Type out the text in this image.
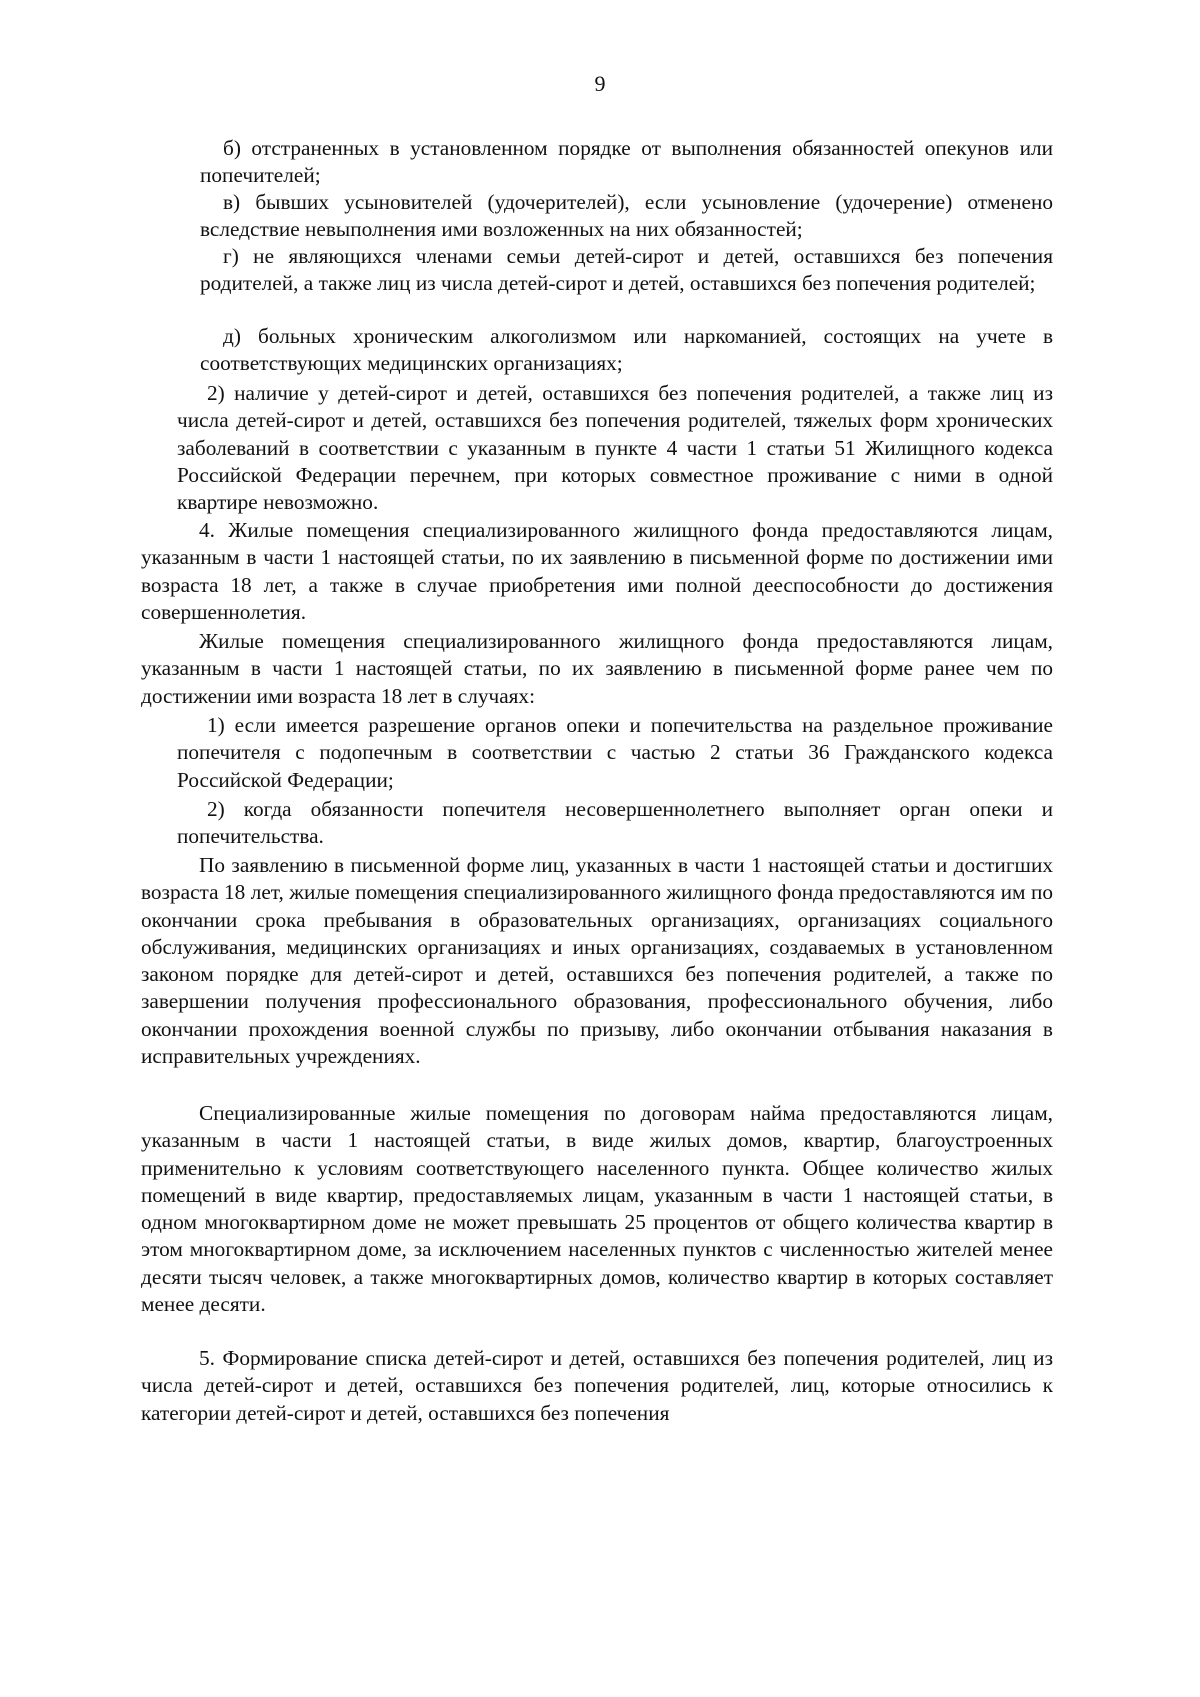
9

б) отстраненных в установленном порядке от выполнения обязанностей опекунов или попечителей;

в) бывших усыновителей (удочерителей), если усыновление (удочерение) отменено вследствие невыполнения ими возложенных на них обязанностей;

г) не являющихся членами семьи детей-сирот и детей, оставшихся без попечения родителей, а также лиц из числа детей-сирот и детей, оставшихся без попечения родителей;

д) больных хроническим алкоголизмом или наркоманией, состоящих на учете в соответствующих медицинских организациях;

2) наличие у детей-сирот и детей, оставшихся без попечения родителей, а также лиц из числа детей-сирот и детей, оставшихся без попечения родителей, тяжелых форм хронических заболеваний в соответствии с указанным в пункте 4 части 1 статьи 51 Жилищного кодекса Российской Федерации перечнем, при которых совместное проживание с ними в одной квартире невозможно.

4. Жилые помещения специализированного жилищного фонда предоставляются лицам, указанным в части 1 настоящей статьи, по их заявлению в письменной форме по достижении ими возраста 18 лет, а также в случае приобретения ими полной дееспособности до достижения совершеннолетия.

Жилые помещения специализированного жилищного фонда предоставляются лицам, указанным в части 1 настоящей статьи, по их заявлению в письменной форме ранее чем по достижении ими возраста 18 лет в случаях:

1) если имеется разрешение органов опеки и попечительства на раздельное проживание попечителя с подопечным в соответствии с частью 2 статьи 36 Гражданского кодекса Российской Федерации;

2) когда обязанности попечителя несовершеннолетнего выполняет орган опеки и попечительства.

По заявлению в письменной форме лиц, указанных в части 1 настоящей статьи и достигших возраста 18 лет, жилые помещения специализированного жилищного фонда предоставляются им по окончании срока пребывания в образовательных организациях, организациях социального обслуживания, медицинских организациях и иных организациях, создаваемых в установленном законом порядке для детей-сирот и детей, оставшихся без попечения родителей, а также по завершении получения профессионального образования, профессионального обучения, либо окончании прохождения военной службы по призыву, либо окончании отбывания наказания в исправительных учреждениях.

Специализированные жилые помещения по договорам найма предоставляются лицам, указанным в части 1 настоящей статьи, в виде жилых домов, квартир, благоустроенных применительно к условиям соответствующего населенного пункта. Общее количество жилых помещений в виде квартир, предоставляемых лицам, указанным в части 1 настоящей статьи, в одном многоквартирном доме не может превышать 25 процентов от общего количества квартир в этом многоквартирном доме, за исключением населенных пунктов с численностью жителей менее десяти тысяч человек, а также многоквартирных домов, количество квартир в которых составляет менее десяти.

5. Формирование списка детей-сирот и детей, оставшихся без попечения родителей, лиц из числа детей-сирот и детей, оставшихся без попечения родителей, лиц, которые относились к категории детей-сирот и детей, оставшихся без попечения
